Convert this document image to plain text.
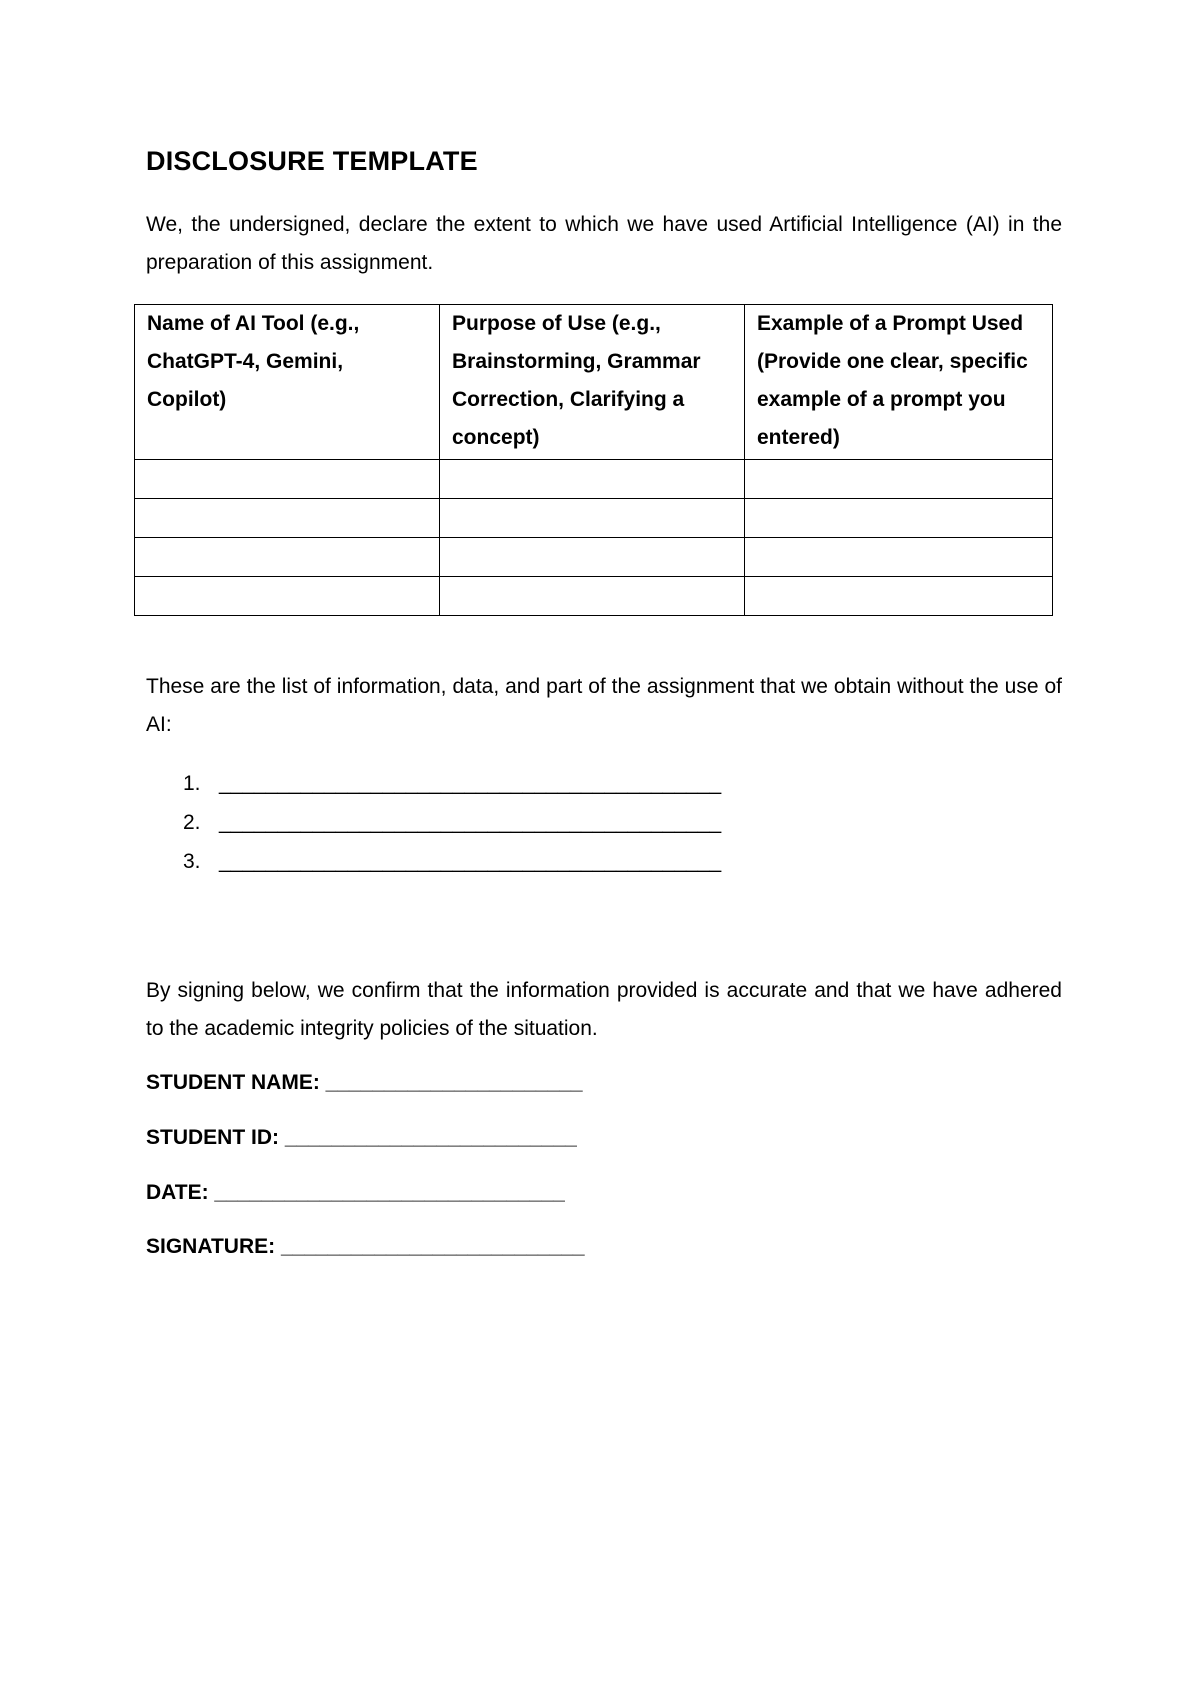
DISCLOSURE TEMPLATE

We, the undersigned, declare the extent to which we have used Artificial Intelligence (AI) in the preparation of this assignment.

Name of AI Tool (e.g., ChatGPT-4, Gemini, Copilot)	Purpose of Use (e.g., Brainstorming, Grammar Correction, Clarifying a concept)	Example of a Prompt Used (Provide one clear, specific example of a prompt you entered)

These are the list of information, data, and part of the assignment that we obtain without the use of AI:

1. ___________________________________________
2. ___________________________________________
3. ___________________________________________

By signing below, we confirm that the information provided is accurate and that we have adhered to the academic integrity policies of the situation.

STUDENT NAME: ______________________

STUDENT ID: _________________________

DATE: ______________________________

SIGNATURE: __________________________
